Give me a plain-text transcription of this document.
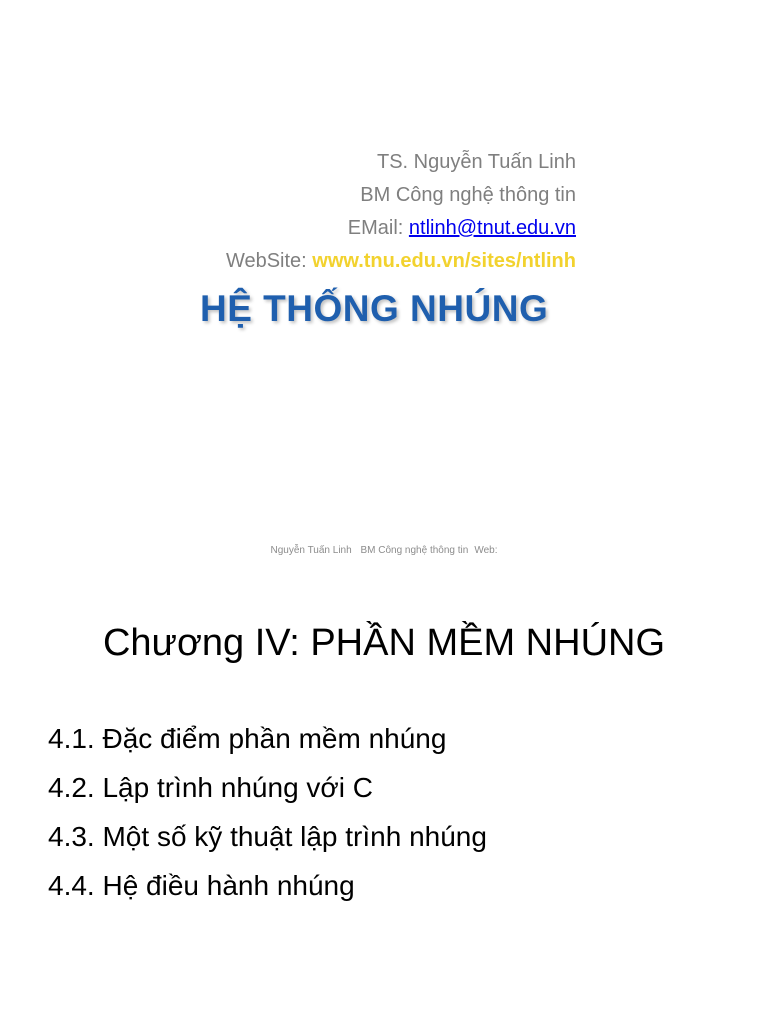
TS. Nguyễn Tuấn Linh
BM Công nghệ thông tin
EMail: ntlinh@tnut.edu.vn
WebSite: www.tnu.edu.vn/sites/ntlinh
HỆ THỐNG NHÚNG
Nguyễn Tuấn Linh BM Công nghệ thông tin Web:
Chương IV: PHẦN MỀM NHÚNG
4.1. Đặc điểm phần mềm nhúng
4.2. Lập trình nhúng với C
4.3. Một số kỹ thuật lập trình nhúng
4.4. Hệ điều hành nhúng
